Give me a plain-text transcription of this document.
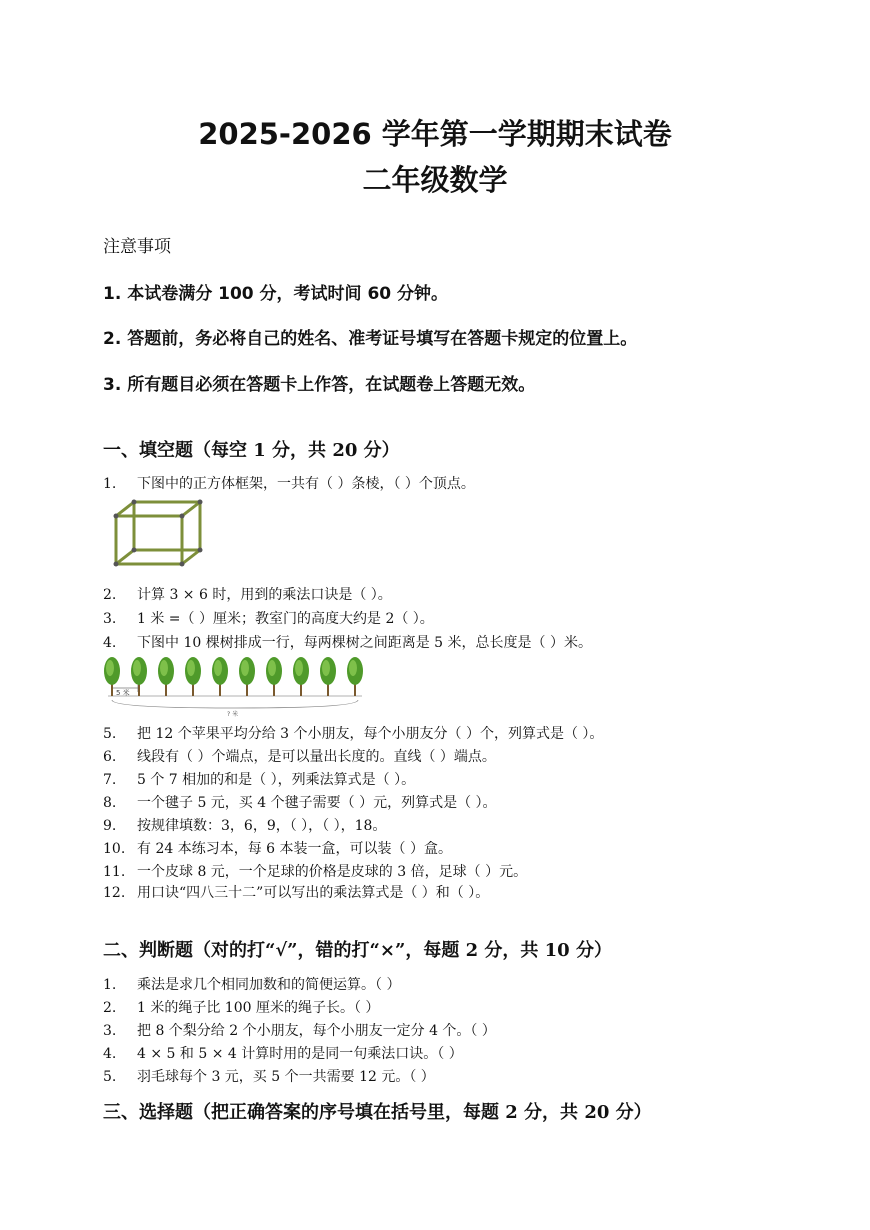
2025-2026 学年第一学期期末试卷
二年级数学
注意事项
1. 本试卷满分 100 分，考试时间 60 分钟。
2. 答题前，务必将自己的姓名、准考证号填写在答题卡规定的位置上。
3. 所有题目必须在答题卡上作答，在试题卷上答题无效。
一、填空题（每空 1 分，共 20 分）
1. 下图中的正方体框架，一共有（ ）条棱，（ ）个顶点。
2. 计算 3 × 6 时，用到的乘法口诀是（ ）。
3. 1 米 =（ ）厘米；教室门的高度大约是 2（ ）。
4. 下图中 10 棵树排成一行，每两棵树之间距离是 5 米，总长度是（ ）米。
5 米
? 米
5. 把 12 个苹果平均分给 3 个小朋友，每个小朋友分（ ）个，列算式是（ ）。
6. 线段有（ ）个端点，是可以量出长度的。直线（ ）端点。
7. 5 个 7 相加的和是（ ），列乘法算式是（ ）。
8. 一个毽子 5 元，买 4 个毽子需要（ ）元，列算式是（ ）。
9. 按规律填数：3，6，9，（ ），（ ），18。
10. 有 24 本练习本，每 6 本装一盒，可以装（ ）盒。
11. 一个皮球 8 元，一个足球的价格是皮球的 3 倍，足球（ ）元。
12. 用口诀“四八三十二”可以写出的乘法算式是（ ）和（ ）。
二、判断题（对的打“√”，错的打“×”，每题 2 分，共 10 分）
1. 乘法是求几个相同加数和的简便运算。（ ）
2. 1 米的绳子比 100 厘米的绳子长。（ ）
3. 把 8 个梨分给 2 个小朋友，每个小朋友一定分 4 个。（ ）
4. 4 × 5 和 5 × 4 计算时用的是同一句乘法口诀。（ ）
5. 羽毛球每个 3 元，买 5 个一共需要 12 元。（ ）
三、选择题（把正确答案的序号填在括号里，每题 2 分，共 20 分）
